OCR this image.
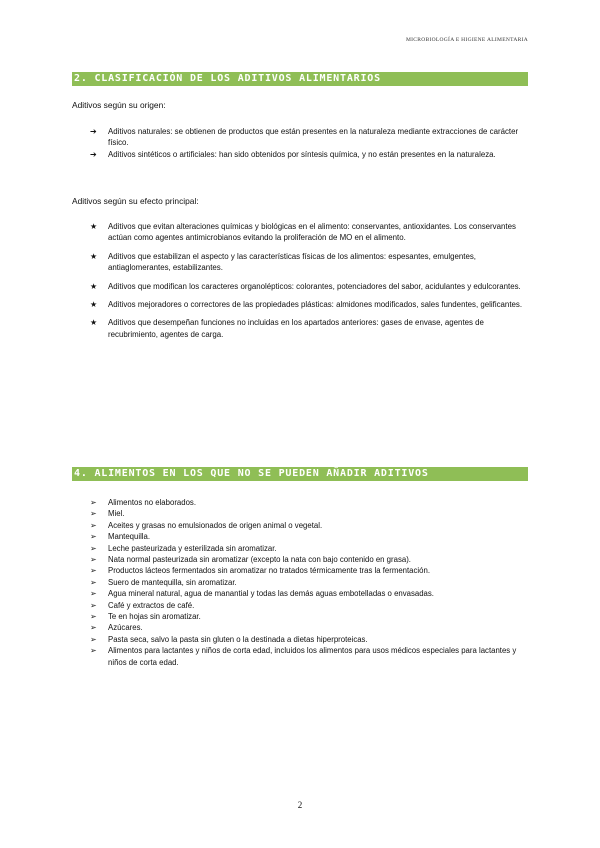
MICROBIOLOGÍA E HIGIENE ALIMENTARIA
2. CLASIFICACIÓN DE LOS ADITIVOS ALIMENTARIOS
Aditivos según su origen:
➔ Aditivos naturales: se obtienen de productos que están presentes en la naturaleza mediante extracciones de carácter físico.
➔ Aditivos sintéticos o artificiales: han sido obtenidos por síntesis química, y no están presentes en la naturaleza.
Aditivos según su efecto principal:
★ Aditivos que evitan alteraciones químicas y biológicas en el alimento: conservantes, antioxidantes. Los conservantes actúan como agentes antimicrobianos evitando la proliferación de MO en el alimento.
★ Aditivos que estabilizan el aspecto y las características físicas de los alimentos: espesantes, emulgentes, antiaglomerantes, estabilizantes.
★ Aditivos que modifican los caracteres organolépticos: colorantes, potenciadores del sabor, acidulantes y edulcorantes.
★ Aditivos mejoradores o correctores de las propiedades plásticas: almidones modificados, sales fundentes, gelificantes.
★ Aditivos que desempeñan funciones no incluidas en los apartados anteriores: gases de envase, agentes de recubrimiento, agentes de carga.
4. ALIMENTOS EN LOS QUE NO SE PUEDEN AÑADIR ADITIVOS
➢ Alimentos no elaborados.
➢ Miel.
➢ Aceites y grasas no emulsionados de origen animal o vegetal.
➢ Mantequilla.
➢ Leche pasteurizada y esterilizada sin aromatizar.
➢ Nata normal pasteurizada sin aromatizar (excepto la nata con bajo contenido en grasa).
➢ Productos lácteos fermentados sin aromatizar no tratados térmicamente tras la fermentación.
➢ Suero de mantequilla, sin aromatizar.
➢ Agua mineral natural, agua de manantial y todas las demás aguas embotelladas o envasadas.
➢ Café y extractos de café.
➢ Te en hojas sin aromatizar.
➢ Azúcares.
➢ Pasta seca, salvo la pasta sin gluten o la destinada a dietas hiperproteicas.
➢ Alimentos para lactantes y niños de corta edad, incluidos los alimentos para usos médicos especiales para lactantes y niños de corta edad.
2
